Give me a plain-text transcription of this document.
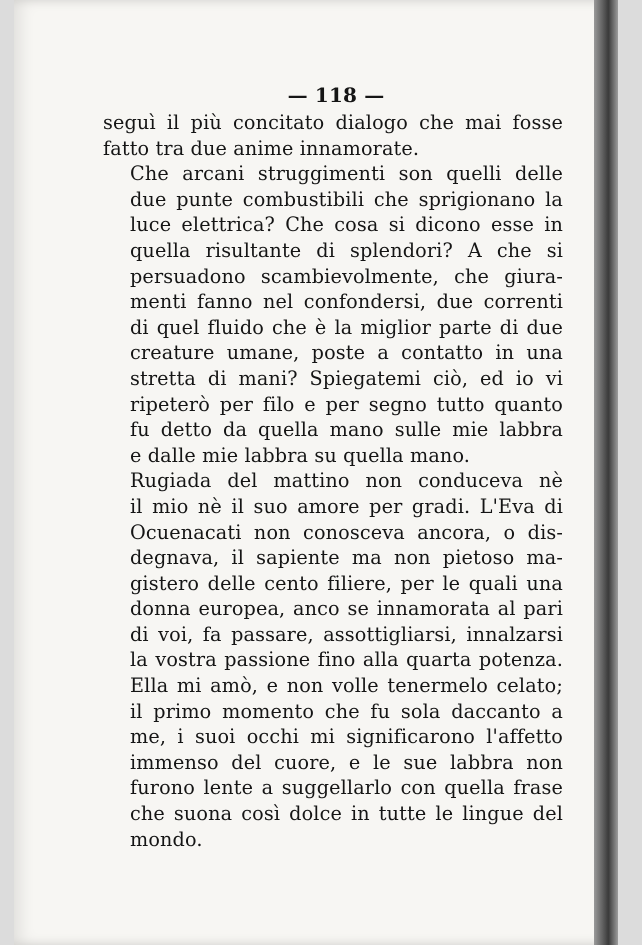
— 118 —

seguì il più concitato dialogo che mai fosse
fatto tra due anime innamorate.

Che arcani struggimenti son quelli delle
due punte combustibili che sprigionano la
luce elettrica? Che cosa si dicono esse in
quella risultante di splendori? A che si
persuadono scambievolmente, che giura-
menti fanno nel confondersi, due correnti
di quel fluido che è la miglior parte di due
creature umane, poste a contatto in una
stretta di mani? Spiegatemi ciò, ed io vi
ripeterò per filo e per segno tutto quanto
fu detto da quella mano sulle mie labbra
e dalle mie labbra su quella mano.

Rugiada del mattino non conduceva nè
il mio nè il suo amore per gradi. L'Eva di
Ocuenacati non conosceva ancora, o dis-
degnava, il sapiente ma non pietoso ma-
gistero delle cento filiere, per le quali una
donna europea, anco se innamorata al pari
di voi, fa passare, assottigliarsi, innalzarsi
la vostra passione fino alla quarta potenza.
Ella mi amò, e non volle tenermelo celato;
il primo momento che fu sola daccanto a
me, i suoi occhi mi significarono l'affetto
immenso del cuore, e le sue labbra non
furono lente a suggellarlo con quella frase
che suona così dolce in tutte le lingue del
mondo.
